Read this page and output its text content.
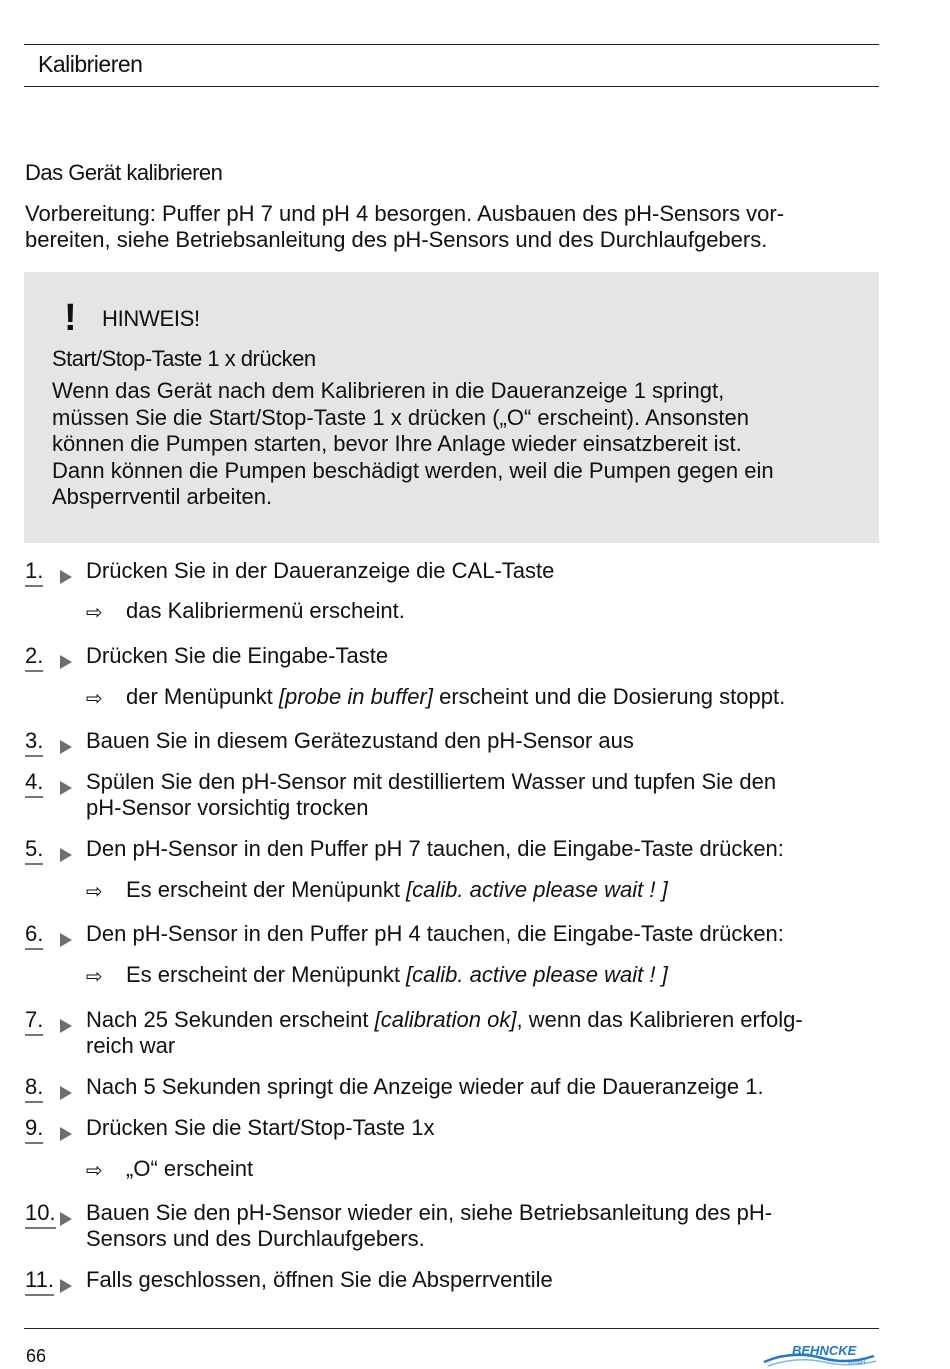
Kalibrieren
Das Gerät kalibrieren
Vorbereitung: Puffer pH 7 und pH 4 besorgen. Ausbauen des pH-Sensors vor-
bereiten, siehe Betriebsanleitung des pH-Sensors und des Durchlaufgebers.
! HINWEIS!
Start/Stop-Taste 1 x drücken
Wenn das Gerät nach dem Kalibrieren in die Daueranzeige 1 springt,
müssen Sie die Start/Stop-Taste 1 x drücken („O“ erscheint). Ansonsten
können die Pumpen starten, bevor Ihre Anlage wieder einsatzbereit ist.
Dann können die Pumpen beschädigt werden, weil die Pumpen gegen ein
Absperrventil arbeiten.
1. Drücken Sie in der Daueranzeige die CAL-Taste
⇨ das Kalibriermenü erscheint.
2. Drücken Sie die Eingabe-Taste
⇨ der Menüpunkt [probe in buffer] erscheint und die Dosierung stoppt.
3. Bauen Sie in diesem Gerätezustand den pH-Sensor aus
4. Spülen Sie den pH-Sensor mit destilliertem Wasser und tupfen Sie den
pH-Sensor vorsichtig trocken
5. Den pH-Sensor in den Puffer pH 7 tauchen, die Eingabe-Taste drücken:
⇨ Es erscheint der Menüpunkt [calib. active please wait ! ]
6. Den pH-Sensor in den Puffer pH 4 tauchen, die Eingabe-Taste drücken:
⇨ Es erscheint der Menüpunkt [calib. active please wait ! ]
7. Nach 25 Sekunden erscheint [calibration ok], wenn das Kalibrieren erfolg-
reich war
8. Nach 5 Sekunden springt die Anzeige wieder auf die Daueranzeige 1.
9. Drücken Sie die Start/Stop-Taste 1x
⇨ „O“ erscheint
10. Bauen Sie den pH-Sensor wieder ein, siehe Betriebsanleitung des pH-
Sensors und des Durchlaufgebers.
11. Falls geschlossen, öffnen Sie die Absperrventile
66	BEHNCKE
GmbH
